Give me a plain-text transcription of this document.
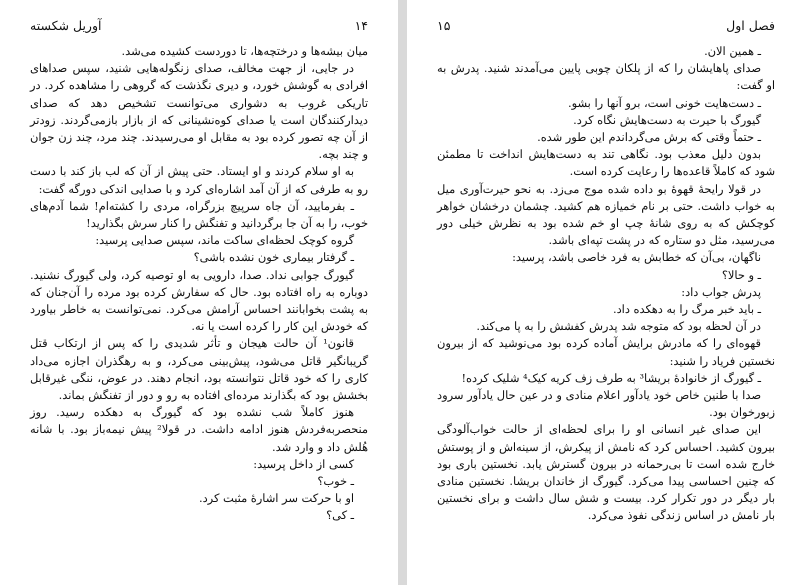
آوریل شکسته	۱۴

میان بیشه‌ها و درختچه‌ها، تا دوردست کشیده می‌شد.

در جایی، از جهت مخالف، صدای زنگوله‌هایی شنید، سپس صداهای افرادی به گوشش خورد، و دیری نگذشت که گروهی را مشاهده کرد. در تاریکی غروب به دشواری می‌توانست تشخیص دهد که صدای دیدارکنندگان است یا صدای کوه‌نشینانی که از بازار بازمی‌گردند. زودتر از آن چه تصور کرده بود به مقابل او می‌رسیدند. چند مرد، چند زن جوان و چند بچه.

به او سلام کردند و او ایستاد. حتی پیش از آن که لب باز کند با دست رو به طرفی که از آن آمد اشاره‌ای کرد و با صدایی اندکی دورگه گفت:

ـ بفرمایید، آن جاه سرپیچ بزرگراه، مردی را کشته‌ام! شما آدم‌های خوب، را به آن جا برگردانید و تفنگش را کنار سرش بگذارید!

گروه کوچک لحظه‌ای ساکت ماند، سپس صدایی پرسید:

ـ گرفتار بیماری خون نشده باشی؟

گیورگ جوابی نداد. صدا، دارویی به او توصیه کرد، ولی گیورگ نشنید. دوباره به راه افتاده بود. حال که سفارش کرده بود مرده را آن‌جنان که به پشت بخوابانند احساس آرامش می‌کرد. نمی‌توانست به خاطر بیاورد که خودش این کار را کرده است یا نه.

قانون¹ آن حالت هیجان و تأثر شدیدی را که پس از ارتکاب قتل گریبانگیر قاتل می‌شود، پیش‌بینی می‌کرد، و به رهگذران اجازه می‌داد کاری را که خود قاتل نتوانسته بود، انجام دهند. در عوض، ننگی غیرقابل بخشش بود که بگذارند مرده‌ای افتاده به رو و دور از تفنگش بماند.

هنوز کاملاً شب نشده بود که گیورگ به دهکده رسید. روز منحصربه‌فردش هنوز ادامه داشت. در قولا² پیش نیمه‌باز بود. با شانه هُلش داد و وارد شد.

کسی از داخل پرسید:

ـ خوب؟

او با حرکت سر اشارهٔ مثبت کرد.

ـ کی؟

۱۵	فصل اول

ـ همین الان.

صدای پاهایشان را که از پلکان چوبی پایین می‌آمدند شنید. پدرش به او گفت:

ـ دست‌هایت خونی است، برو آنها را بشو.

گیورگ با حیرت به دست‌هایش نگاه کرد.

ـ حتماً وقتی که برش می‌گرداندم این طور شده.

بدون دلیل معذب بود. نگاهی تند به دست‌هایش انداخت تا مطمئن شود که کاملاً قاعده‌ها را رعایت کرده است.

در قولا رایحهٔ قهوهٔ بو داده شده موج می‌زد. به نحو حیرت‌آوری میل به خواب داشت. حتی بر نام خمیازه هم کشید. چشمان درخشان خواهر کوچکش که به روی شانهٔ چپ او خم شده بود به نظرش خیلی دور می‌رسید، مثل دو ستاره که در پشت تپه‌ای باشد.

ناگهان، بی‌آن که خطابش به فرد خاصی باشد، پرسید:

ـ و حالا؟

پدرش جواب داد:

ـ باید خبر مرگ را به دهکده داد.

در آن لحظه بود که متوجه شد پدرش کفشش را به پا می‌کند.

قهوه‌ای را که مادرش برایش آماده کرده بود می‌نوشید که از بیرون نخستین فریاد را شنید:

ـ گیورگ از خانوادهٔ بریشا³ به طرف زف کریه کیک⁴ شلیک کرده!

صدا با طنین خاص خود یادآور اعلام منادی و در عین حال یادآور سرود زبورخوان بود.

این صدای غیر انسانی او را برای لحظه‌ای از حالت خواب‌آلودگی بیرون کشید. احساس کرد که نامش از پیکرش، از سینه‌اش و از پوستش خارج شده است تا بی‌رحمانه در بیرون گسترش یابد. نخستین باری بود که چنین احساسی پیدا می‌کرد. گیورگ از خاندان بریشا. نخستین منادی بار دیگر در دور تکرار کرد. بیست و شش سال داشت و برای نخستین بار نامش در اساس زندگی نفوذ می‌کرد.
